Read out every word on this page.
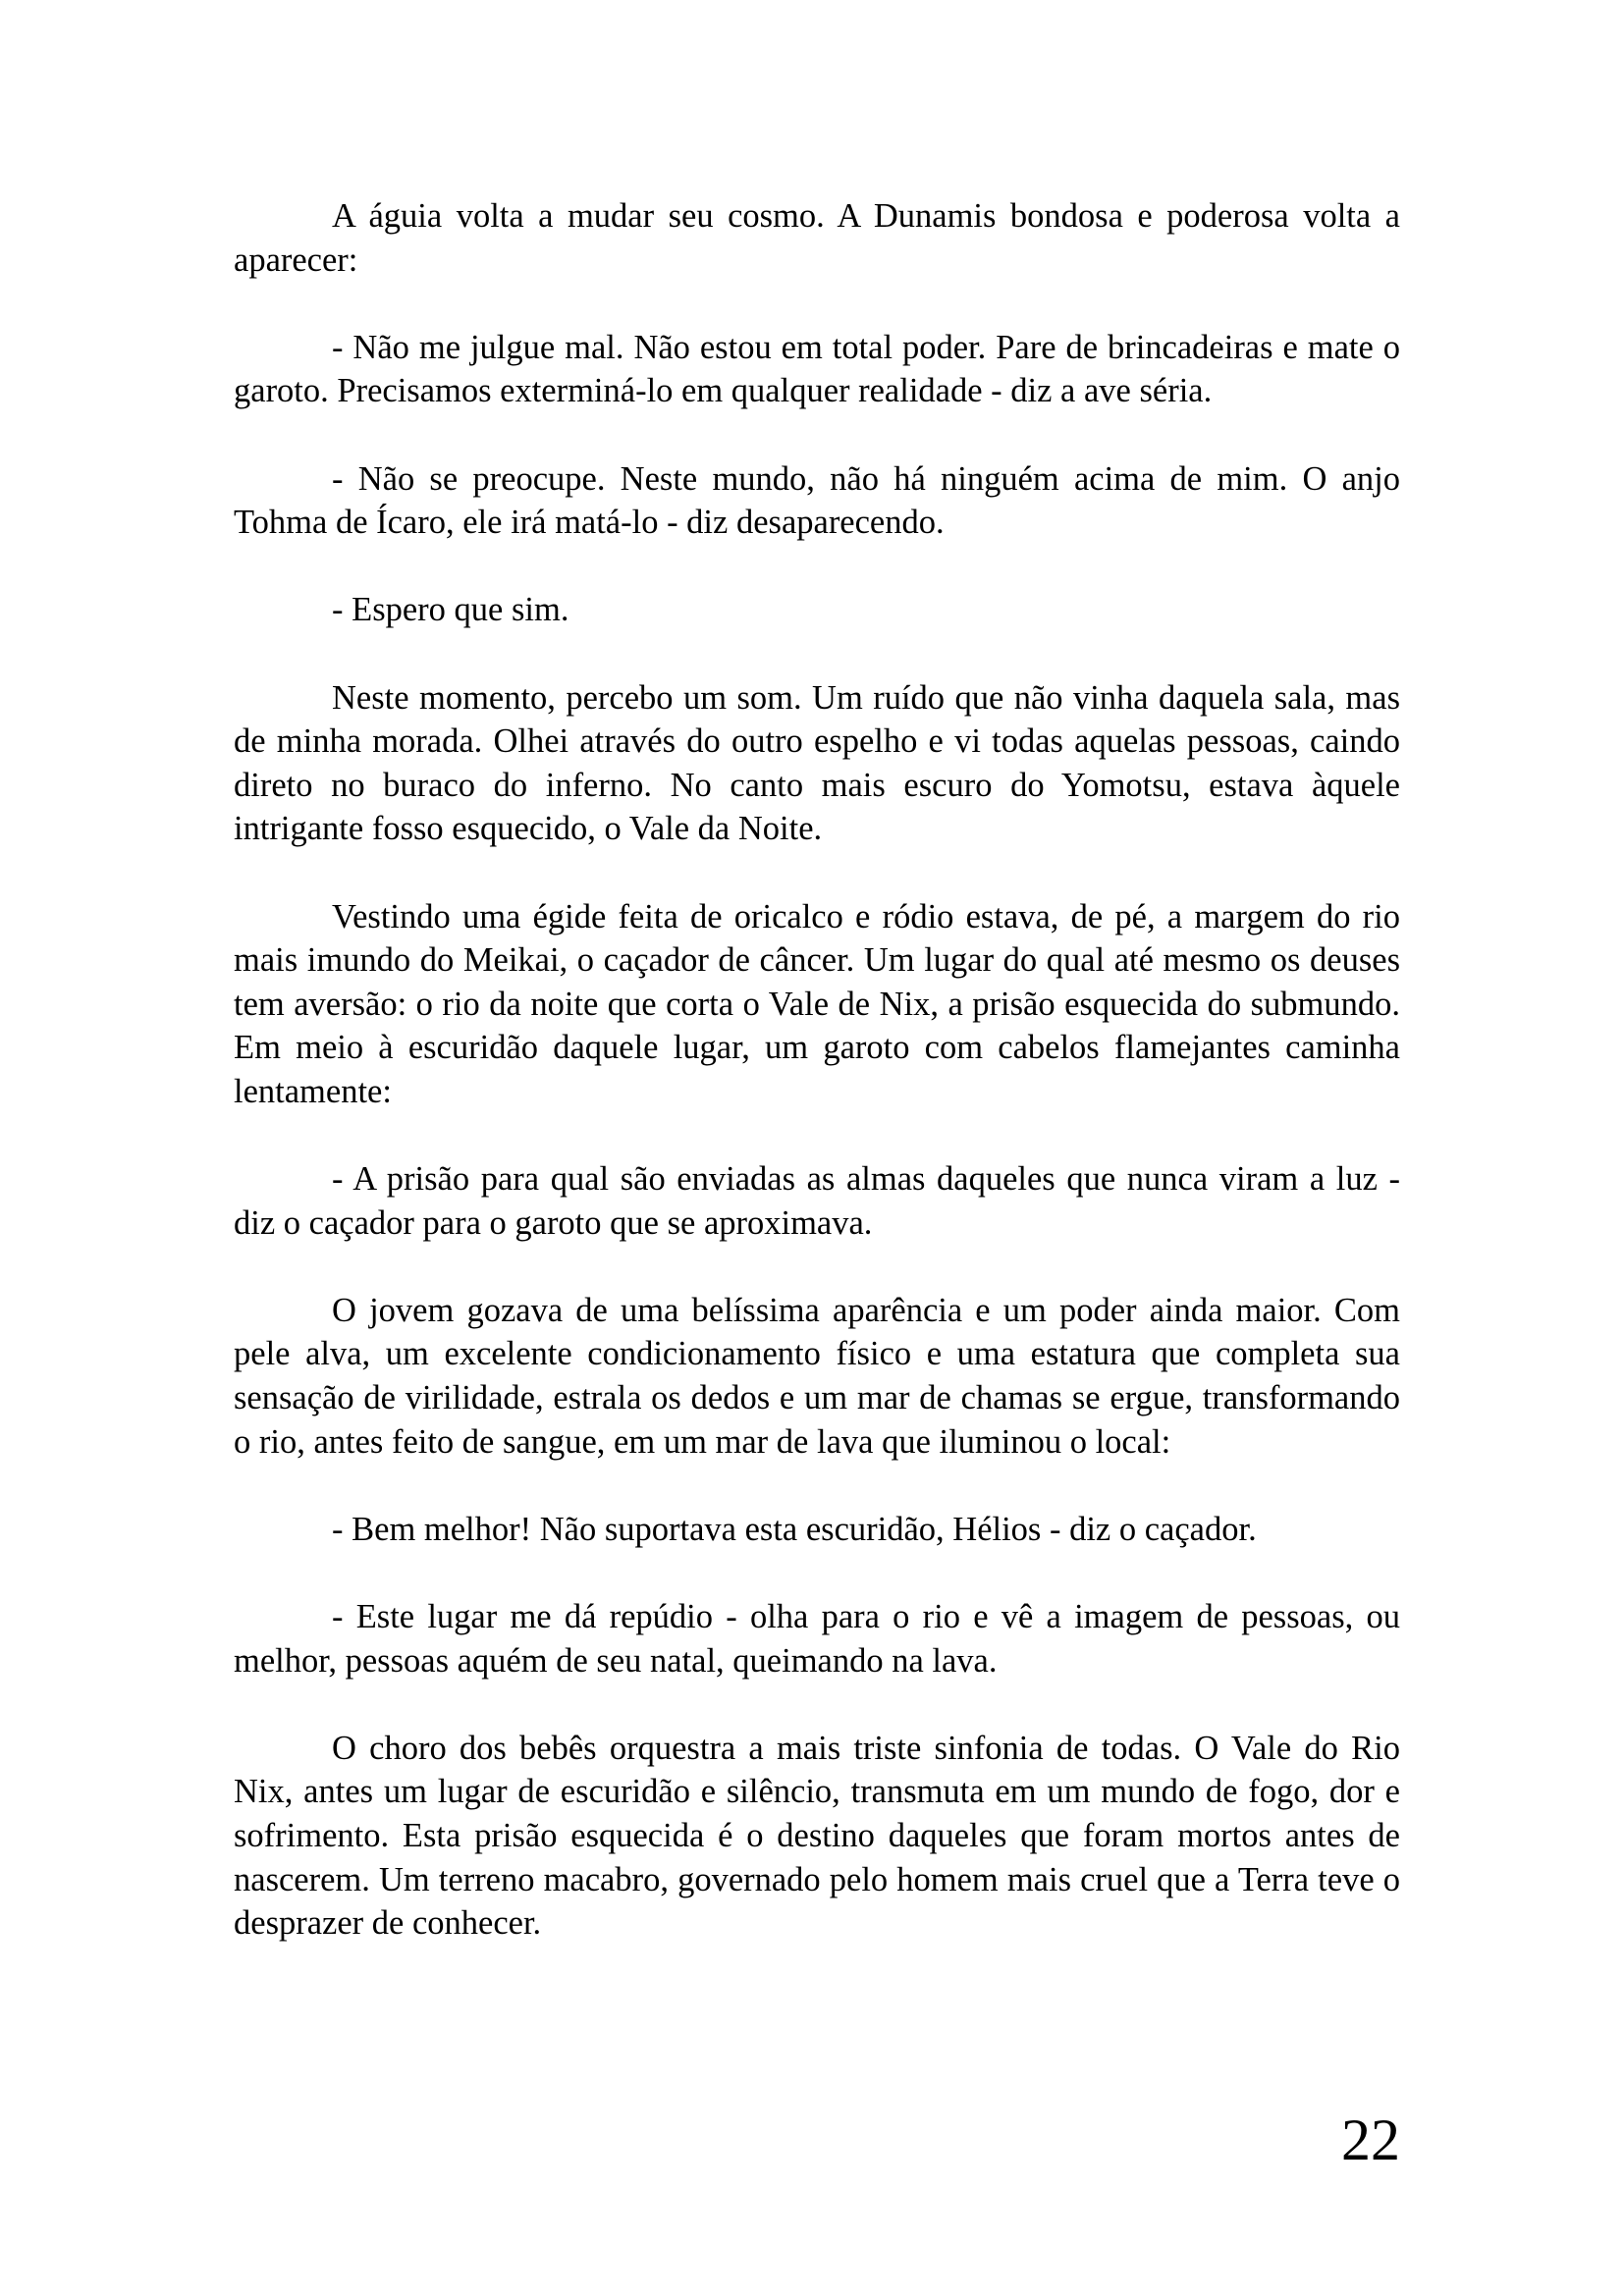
A águia volta a mudar seu cosmo. A Dunamis bondosa e poderosa volta a aparecer:

- Não me julgue mal. Não estou em total poder. Pare de brincadeiras e mate o garoto. Precisamos exterminá-lo em qualquer realidade - diz a ave séria.

- Não se preocupe. Neste mundo, não há ninguém acima de mim. O anjo Tohma de Ícaro, ele irá matá-lo - diz desaparecendo.

- Espero que sim.

Neste momento, percebo um som. Um ruído que não vinha daquela sala, mas de minha morada. Olhei através do outro espelho e vi todas aquelas pessoas, caindo direto no buraco do inferno. No canto mais escuro do Yomotsu, estava àquele intrigante fosso esquecido, o Vale da Noite.

Vestindo uma égide feita de oricalco e ródio estava, de pé, a margem do rio mais imundo do Meikai, o caçador de câncer. Um lugar do qual até mesmo os deuses tem aversão: o rio da noite que corta o Vale de Nix, a prisão esquecida do submundo. Em meio à escuridão daquele lugar, um garoto com cabelos flamejantes caminha lentamente:

- A prisão para qual são enviadas as almas daqueles que nunca viram a luz - diz o caçador para o garoto que se aproximava.

O jovem gozava de uma belíssima aparência e um poder ainda maior. Com pele alva, um excelente condicionamento físico e uma estatura que completa sua sensação de virilidade, estrala os dedos e um mar de chamas se ergue, transformando o rio, antes feito de sangue, em um mar de lava que iluminou o local:

- Bem melhor! Não suportava esta escuridão, Hélios - diz o caçador.

- Este lugar me dá repúdio - olha para o rio e vê a imagem de pessoas, ou melhor, pessoas aquém de seu natal, queimando na lava.

O choro dos bebês orquestra a mais triste sinfonia de todas. O Vale do Rio Nix, antes um lugar de escuridão e silêncio, transmuta em um mundo de fogo, dor e sofrimento. Esta prisão esquecida é o destino daqueles que foram mortos antes de nascerem. Um terreno macabro, governado pelo homem mais cruel que a Terra teve o desprazer de conhecer.

22
